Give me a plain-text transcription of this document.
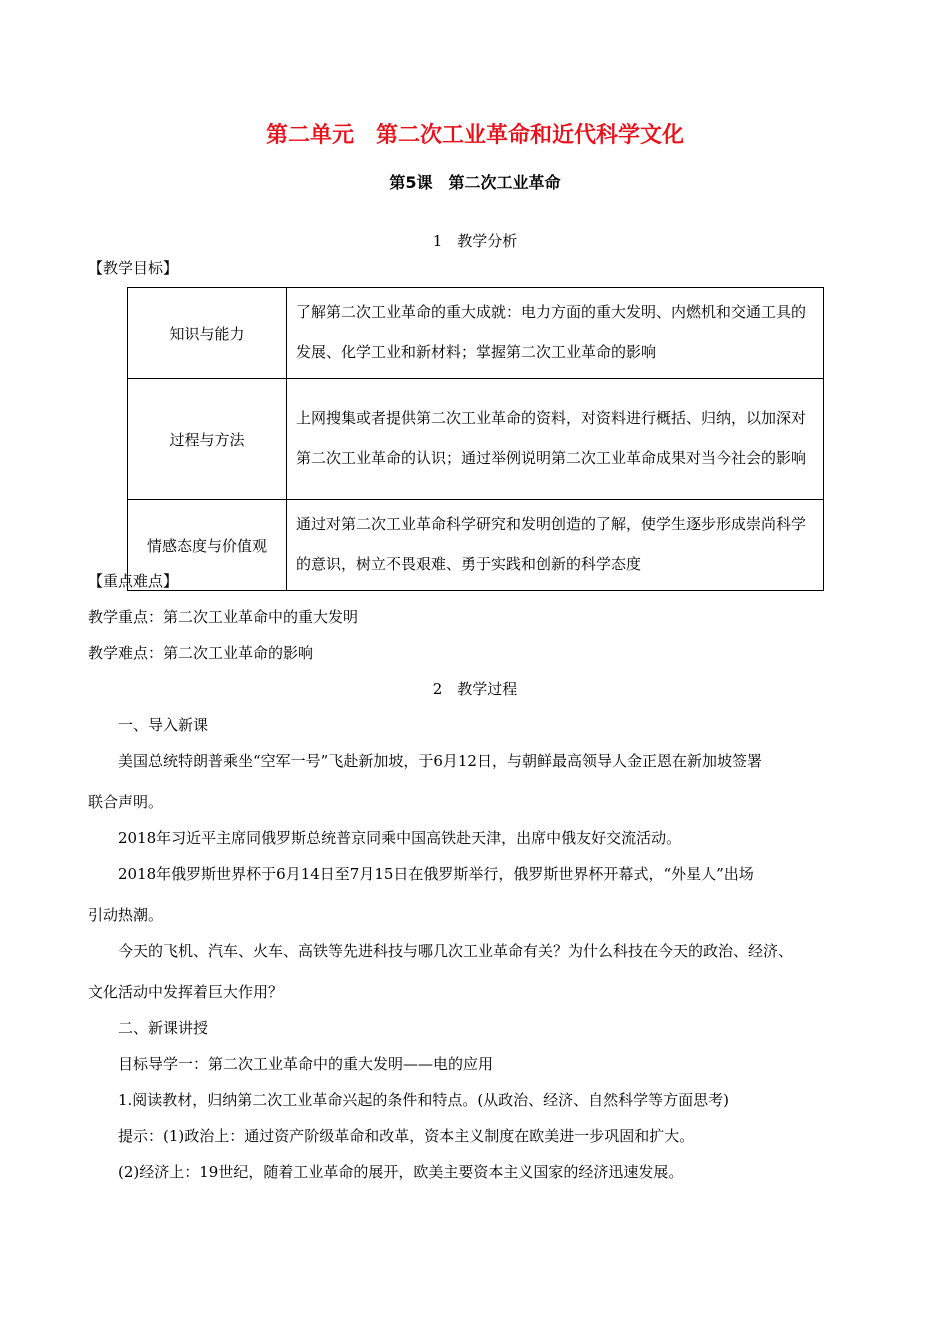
第二单元　第二次工业革命和近代科学文化
第5课　第二次工业革命
1　教学分析
【教学目标】
知识与能力	了解第二次工业革命的重大成就：电力方面的重大发明、内燃机和交通工具的发展、化学工业和新材料；掌握第二次工业革命的影响
过程与方法	上网搜集或者提供第二次工业革命的资料，对资料进行概括、归纳，以加深对第二次工业革命的认识；通过举例说明第二次工业革命成果对当今社会的影响
情感态度与价值观	通过对第二次工业革命科学研究和发明创造的了解，使学生逐步形成崇尚科学的意识，树立不畏艰难、勇于实践和创新的科学态度
【重点难点】
教学重点：第二次工业革命中的重大发明
教学难点：第二次工业革命的影响
2　教学过程
一、导入新课
美国总统特朗普乘坐“空军一号”飞赴新加坡，于6月12日，与朝鲜最高领导人金正恩在新加坡签署
联合声明。
2018年习近平主席同俄罗斯总统普京同乘中国高铁赴天津，出席中俄友好交流活动。
2018年俄罗斯世界杯于6月14日至7月15日在俄罗斯举行，俄罗斯世界杯开幕式，“外星人”出场
引动热潮。
今天的飞机、汽车、火车、高铁等先进科技与哪几次工业革命有关？为什么科技在今天的政治、经济、
文化活动中发挥着巨大作用？
二、新课讲授
目标导学一：第二次工业革命中的重大发明——电的应用
1.阅读教材，归纳第二次工业革命兴起的条件和特点。(从政治、经济、自然科学等方面思考)
提示：(1)政治上：通过资产阶级革命和改革，资本主义制度在欧美进一步巩固和扩大。
(2)经济上：19世纪，随着工业革命的展开，欧美主要资本主义国家的经济迅速发展。
